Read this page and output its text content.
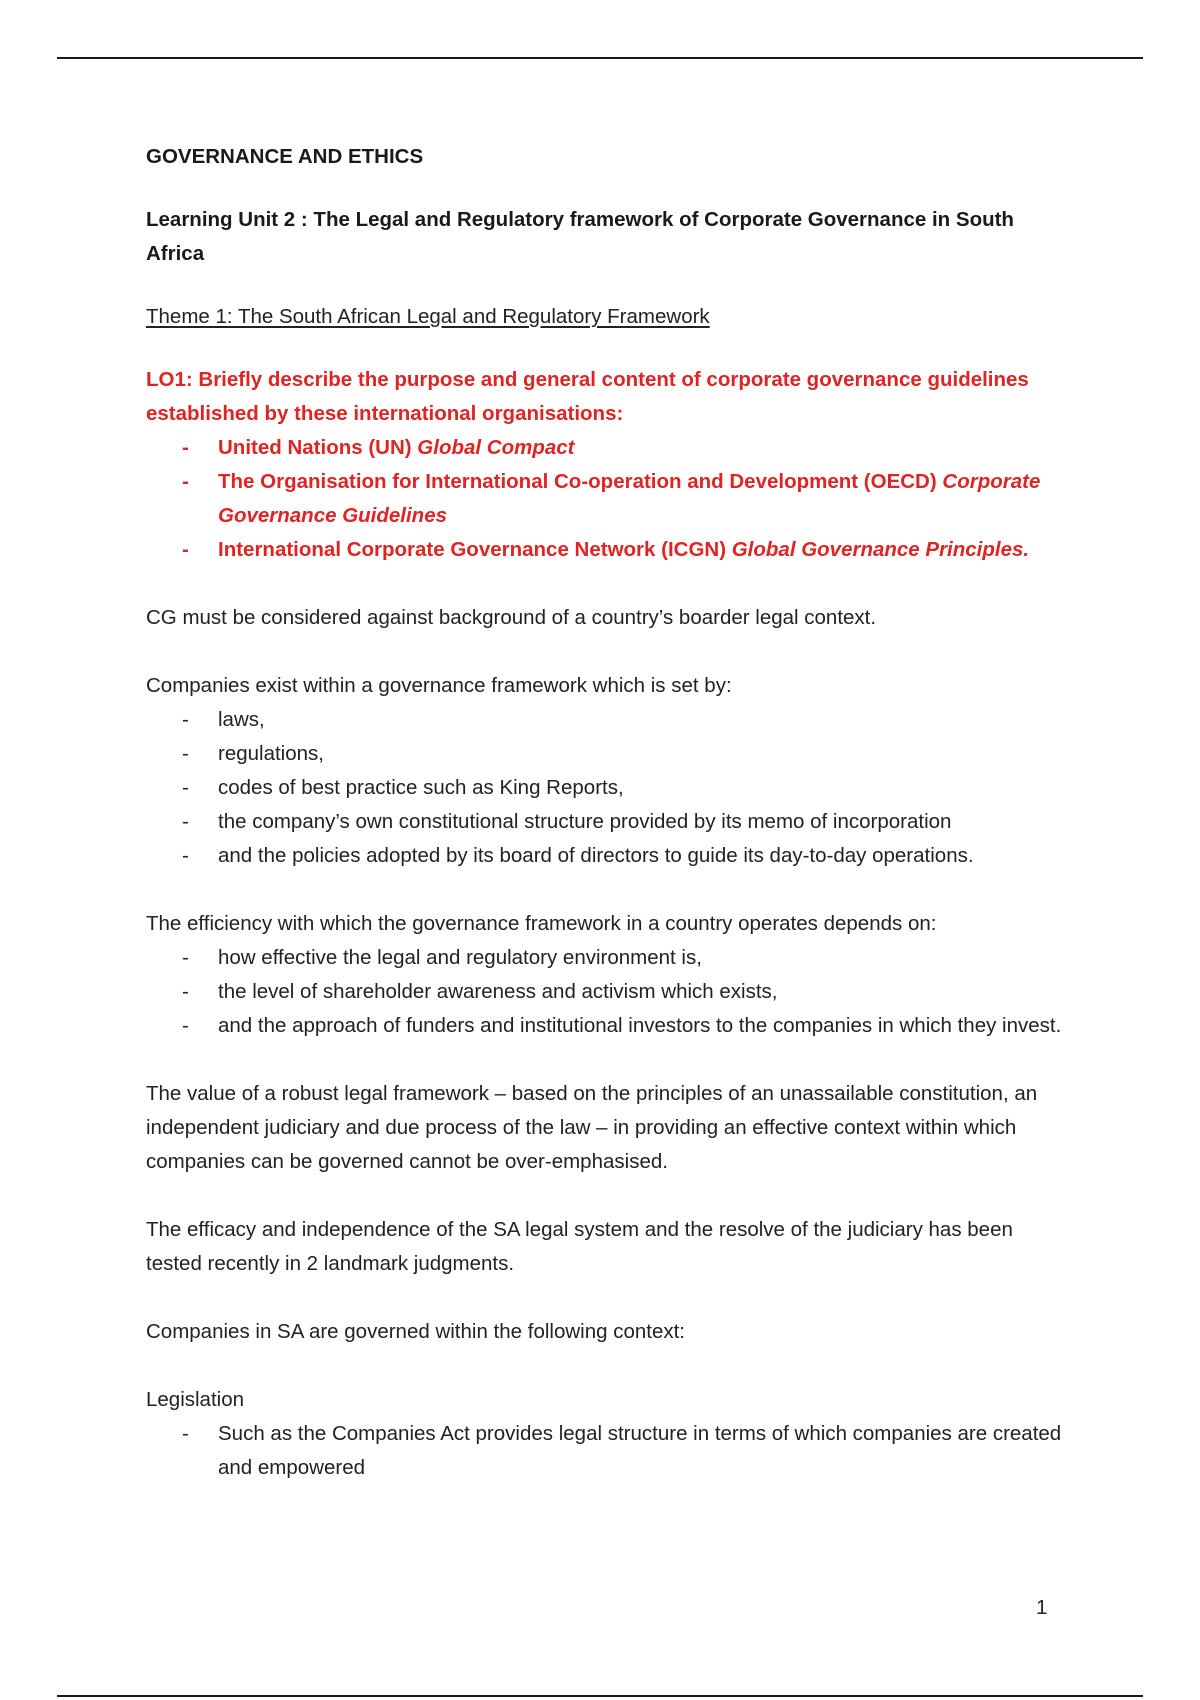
GOVERNANCE AND ETHICS

Learning Unit 2 : The Legal and Regulatory framework of Corporate Governance in South Africa

Theme 1: The South African Legal and Regulatory Framework

LO1: Briefly describe the purpose and general content of corporate governance guidelines established by these international organisations:

- United Nations (UN) Global Compact
- The Organisation for International Co-operation and Development (OECD) Corporate Governance Guidelines
- International Corporate Governance Network (ICGN) Global Governance Principles.

CG must be considered against background of a country’s boarder legal context.

Companies exist within a governance framework which is set by:

- laws,
- regulations,
- codes of best practice such as King Reports,
- the company’s own constitutional structure provided by its memo of incorporation
- and the policies adopted by its board of directors to guide its day-to-day operations.

The efficiency with which the governance framework in a country operates depends on:

- how effective the legal and regulatory environment is,
- the level of shareholder awareness and activism which exists,
- and the approach of funders and institutional investors to the companies in which they invest.

The value of a robust legal framework – based on the principles of an unassailable constitution, an independent judiciary and due process of the law – in providing an effective context within which companies can be governed cannot be over-emphasised.

The efficacy and independence of the SA legal system and the resolve of the judiciary has been tested recently in 2 landmark judgments.

Companies in SA are governed within the following context:

Legislation

- Such as the Companies Act provides legal structure in terms of which companies are created and empowered
1
